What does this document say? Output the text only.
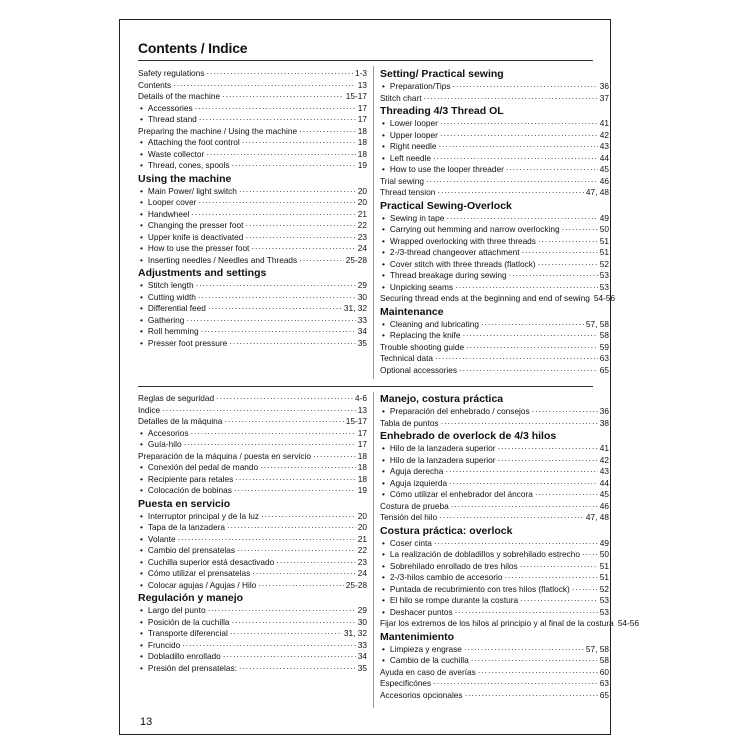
Contents / Indice
Safety regulations ·····	1-3
Contents ·····	13
Details of the machine ·····	15-17
• Accessories ·····	17
• Thread stand ·····	17
Preparing the machine / Using the machine ·····	18
• Attaching the foot control ·····	18
• Waste collector ·····	18
• Thread, cones, spools ·····	19
Using the machine
• Main Power/ light switch ·····	20
• Looper cover ·····	20
• Handwheel ·····	21
• Changing the presser foot ·····	22
• Upper knife is deactivated ·····	23
• How to use the presser foot ·····	24
• Inserting needles / Needles and Threads ·····	25-28
Adjustments and settings
• Stitch length ·····	29
• Cutting width ·····	30
• Differential feed ·····	31, 32
• Gathering ·····	33
• Roll hemming ·····	34
• Presser foot pressure ·····	35
Setting/ Practical sewing
• Preparation/Tips ·····	36
Stitch chart ·····	37
Threading 4/3 Thread OL
• Lower looper ·····	41
• Upper looper ·····	42
• Right needle ·····	43
• Left needle ·····	44
• How to use the looper threader ·····	45
Trial sewing ·····	46
Thread tension ·····	47, 48
Practical Sewing-Overlock
• Sewing in tape ·····	49
• Carrying out hemming and narrow overlocking ·····	50
• Wrapped overlocking with three threads ·····	51
• 2-/3-thread changeover attachment ·····	51
• Cover stitch with three threads (flatlock) ·····	52
• Thread breakage during sewing ·····	53
• Unpicking seams ·····	53
Securing thread ends at the beginning and end of sewing 54-56
Maintenance
• Cleaning and lubricating ·····	57, 58
• Replacing the knife ·····	58
Trouble shooting guide ·····	59
Technical data ·····	63
Optional accessories ·····	65
Reglas de seguridad ·····	4-6
Indice ·····	13
Detalles de la máquina ·····	15-17
• Accesorios ·····	17
• Guía-hilo ·····	17
Preparación de la máquina / puesta en servicio ·····	18
• Conexión del pedal de mando ·····	18
• Recipiente para retales ·····	18
• Colocación de bobinas ·····	19
Puesta en servicio
• Interruptor principal y de la luz ·····	20
• Tapa de la lanzadera ·····	20
• Volante ·····	21
• Cambio del prensatelas ·····	22
• Cuchilla superior está desactivado ·····	23
• Cómo utilizar el prensatelas ·····	24
• Colocar agujas / Agujas / Hilo ·····	25-28
Regulación y manejo
• Largo del punto ·····	29
• Posición de la cuchilla ·····	30
• Transporte diferencial ·····	31, 32
• Fruncido ·····	33
• Dobladillo enrollado ·····	34
• Presión del prensatelas: ·····	35
Manejo, costura práctica
• Preparación del enhebrado / consejos ·····	36
Tabla de puntos ·····	38
Enhebrado de overlock de 4/3 hilos
• Hilo de la lanzadera superior ·····	41
• Hilo de la lanzadera superior ·····	42
• Aguja derecha ·····	43
• Aguja izquierda ·····	44
• Cómo utilizar el enhebrador del áncora ·····	45
Costura de prueba ·····	46
Tensión del hilo ·····	47, 48
Costura práctica: overlock
• Coser cinta ·····	49
• La realización de dobladillos y sobrehilado estrecho ····· 50
• Sobrehilado enrollado de tres hilos ·····	51
• 2-/3-hilos cambio de accesorio ·····	51
• Puntada de recubrimiento con tres hilos (flatlock) ·····	52
• El hilo se rompe durante la costura ·····	53
• Deshacer puntos ·····	53
Fijar los extremos de los hilos al principio y al final de la costura 54-56
Mantenimiento
• Limpieza y engrase ·····	57, 58
• Cambio de la cuchilla ·····	58
Ayuda en caso de averías ·····	60
Especificónes ·····	63
Accesorios opcionales ·····	65
13
